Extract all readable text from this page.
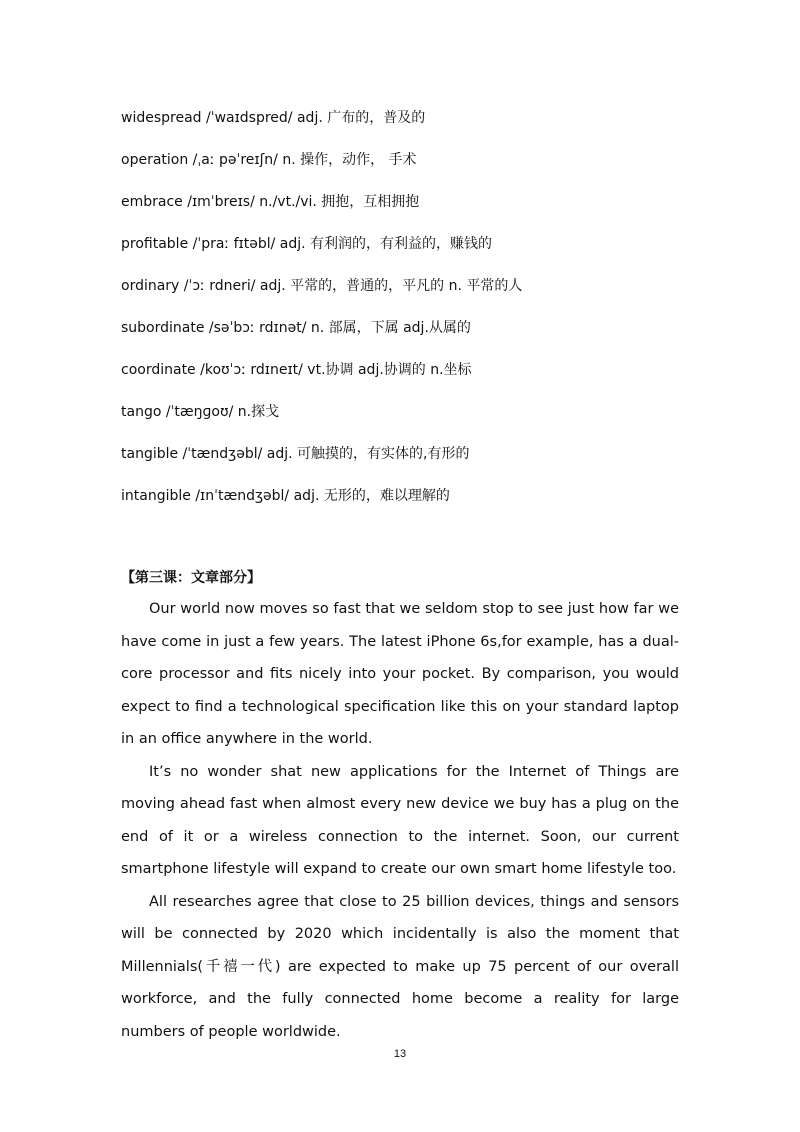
widespread /ˈwaɪdspred/ adj. 广布的，普及的
operation /ˌaː pəˈreɪʃn/ n. 操作，动作， 手术
embrace /ɪmˈbreɪs/ n./vt./vi. 拥抱，互相拥抱
profitable /ˈpraː fɪtəbl/ adj. 有利润的，有利益的，赚钱的
ordinary /ˈɔː rdneri/ adj. 平常的，普通的，平凡的 n. 平常的人
subordinate /səˈbɔː rdɪnət/ n. 部属，下属 adj.从属的
coordinate /koʊˈɔː rdɪneɪt/ vt.协调 adj.协调的 n.坐标
tango /ˈtæŋɡoʊ/ n.探戈
tangible /ˈtændʒəbl/ adj. 可触摸的，有实体的,有形的
intangible /ɪnˈtændʒəbl/ adj. 无形的，难以理解的
【第三课：文章部分】

Our world now moves so fast that we seldom stop to see just how far we have come in just a few years. The latest iPhone 6s,for example, has a dual-core processor and fits nicely into your pocket. By comparison, you would expect to find a technological specification like this on your standard laptop in an office anywhere in the world.

It’s no wonder shat new applications for the Internet of Things are moving ahead fast when almost every new device we buy has a plug on the end of it or a wireless connection to the internet. Soon, our current smartphone lifestyle will expand to create our own smart home lifestyle too.

All researches agree that close to 25 billion devices, things and sensors will be connected by 2020 which incidentally is also the moment that Millennials(千禧一代) are expected to make up 75 percent of our overall workforce, and the fully connected home become a reality for large numbers of people worldwide.

13
